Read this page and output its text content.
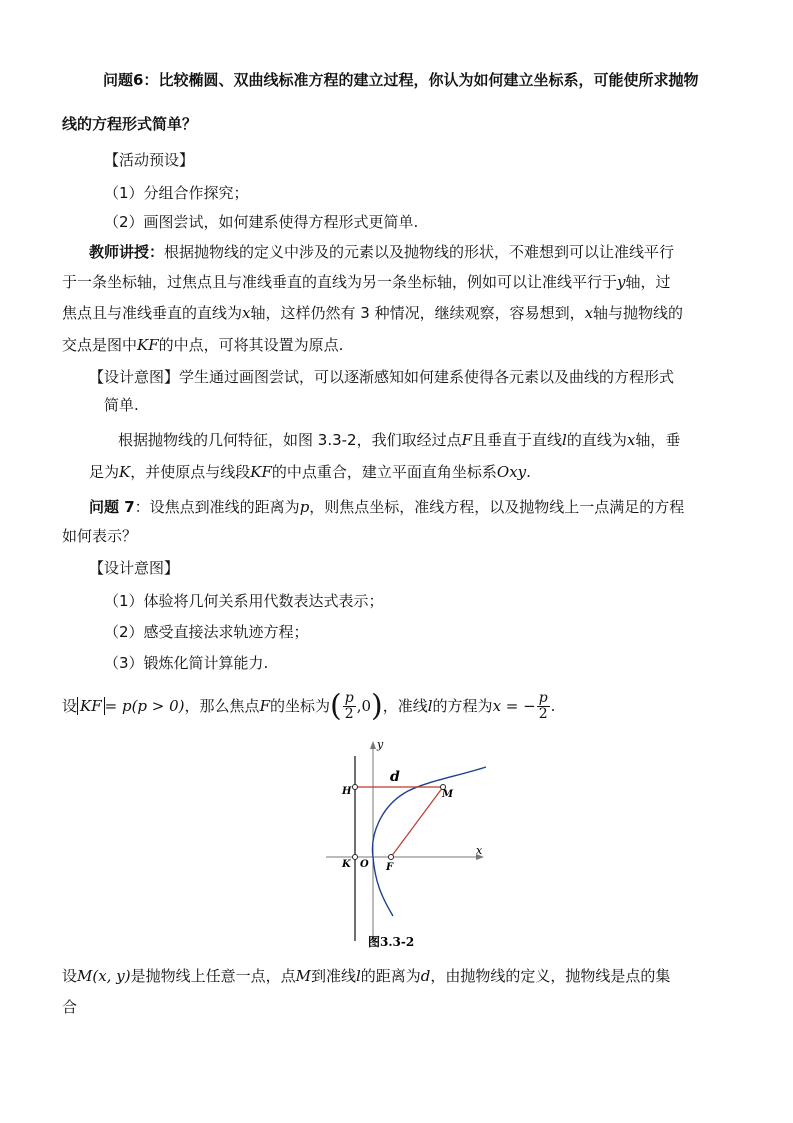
问题6：比较椭圆、双曲线标准方程的建立过程，你认为如何建立坐标系，可能使所求抛物
线的方程形式简单？
【活动预设】
（1）分组合作探究；
（2）画图尝试，如何建系使得方程形式更简单.
教师讲授：根据抛物线的定义中涉及的元素以及抛物线的形状，不难想到可以让准线平行
于一条坐标轴，过焦点且与准线垂直的直线为另一条坐标轴，例如可以让准线平行于y轴，过
焦点且与准线垂直的直线为x轴，这样仍然有 3 种情况，继续观察，容易想到，x轴与抛物线的
交点是图中KF的中点，可将其设置为原点.
【设计意图】学生通过画图尝试，可以逐渐感知如何建系使得各元素以及曲线的方程形式
简单.
根据抛物线的几何特征，如图 3.3-2，我们取经过点F且垂直于直线l的直线为x轴，垂
足为K，并使原点与线段KF的中点重合，建立平面直角坐标系Oxy.
问题 7：设焦点到准线的距离为p，则焦点坐标，准线方程，以及抛物线上一点满足的方程
如何表示？
【设计意图】
（1）体验将几何关系用代数表达式表示；
（2）感受直接法求轨迹方程；
（3）锻炼化简计算能力.
设 KF = p(p > 0)，那么焦点F的坐标为( $\frac{p}{2} ,0$)，准线l的方程为x = − $\frac{p}{2}$ .
y
x
H	M
K O F
d
图3.3-2
设M(x, y)是抛物线上任意一点，点M到准线l的距离为d，由抛物线的定义，抛物线是点的集
合
